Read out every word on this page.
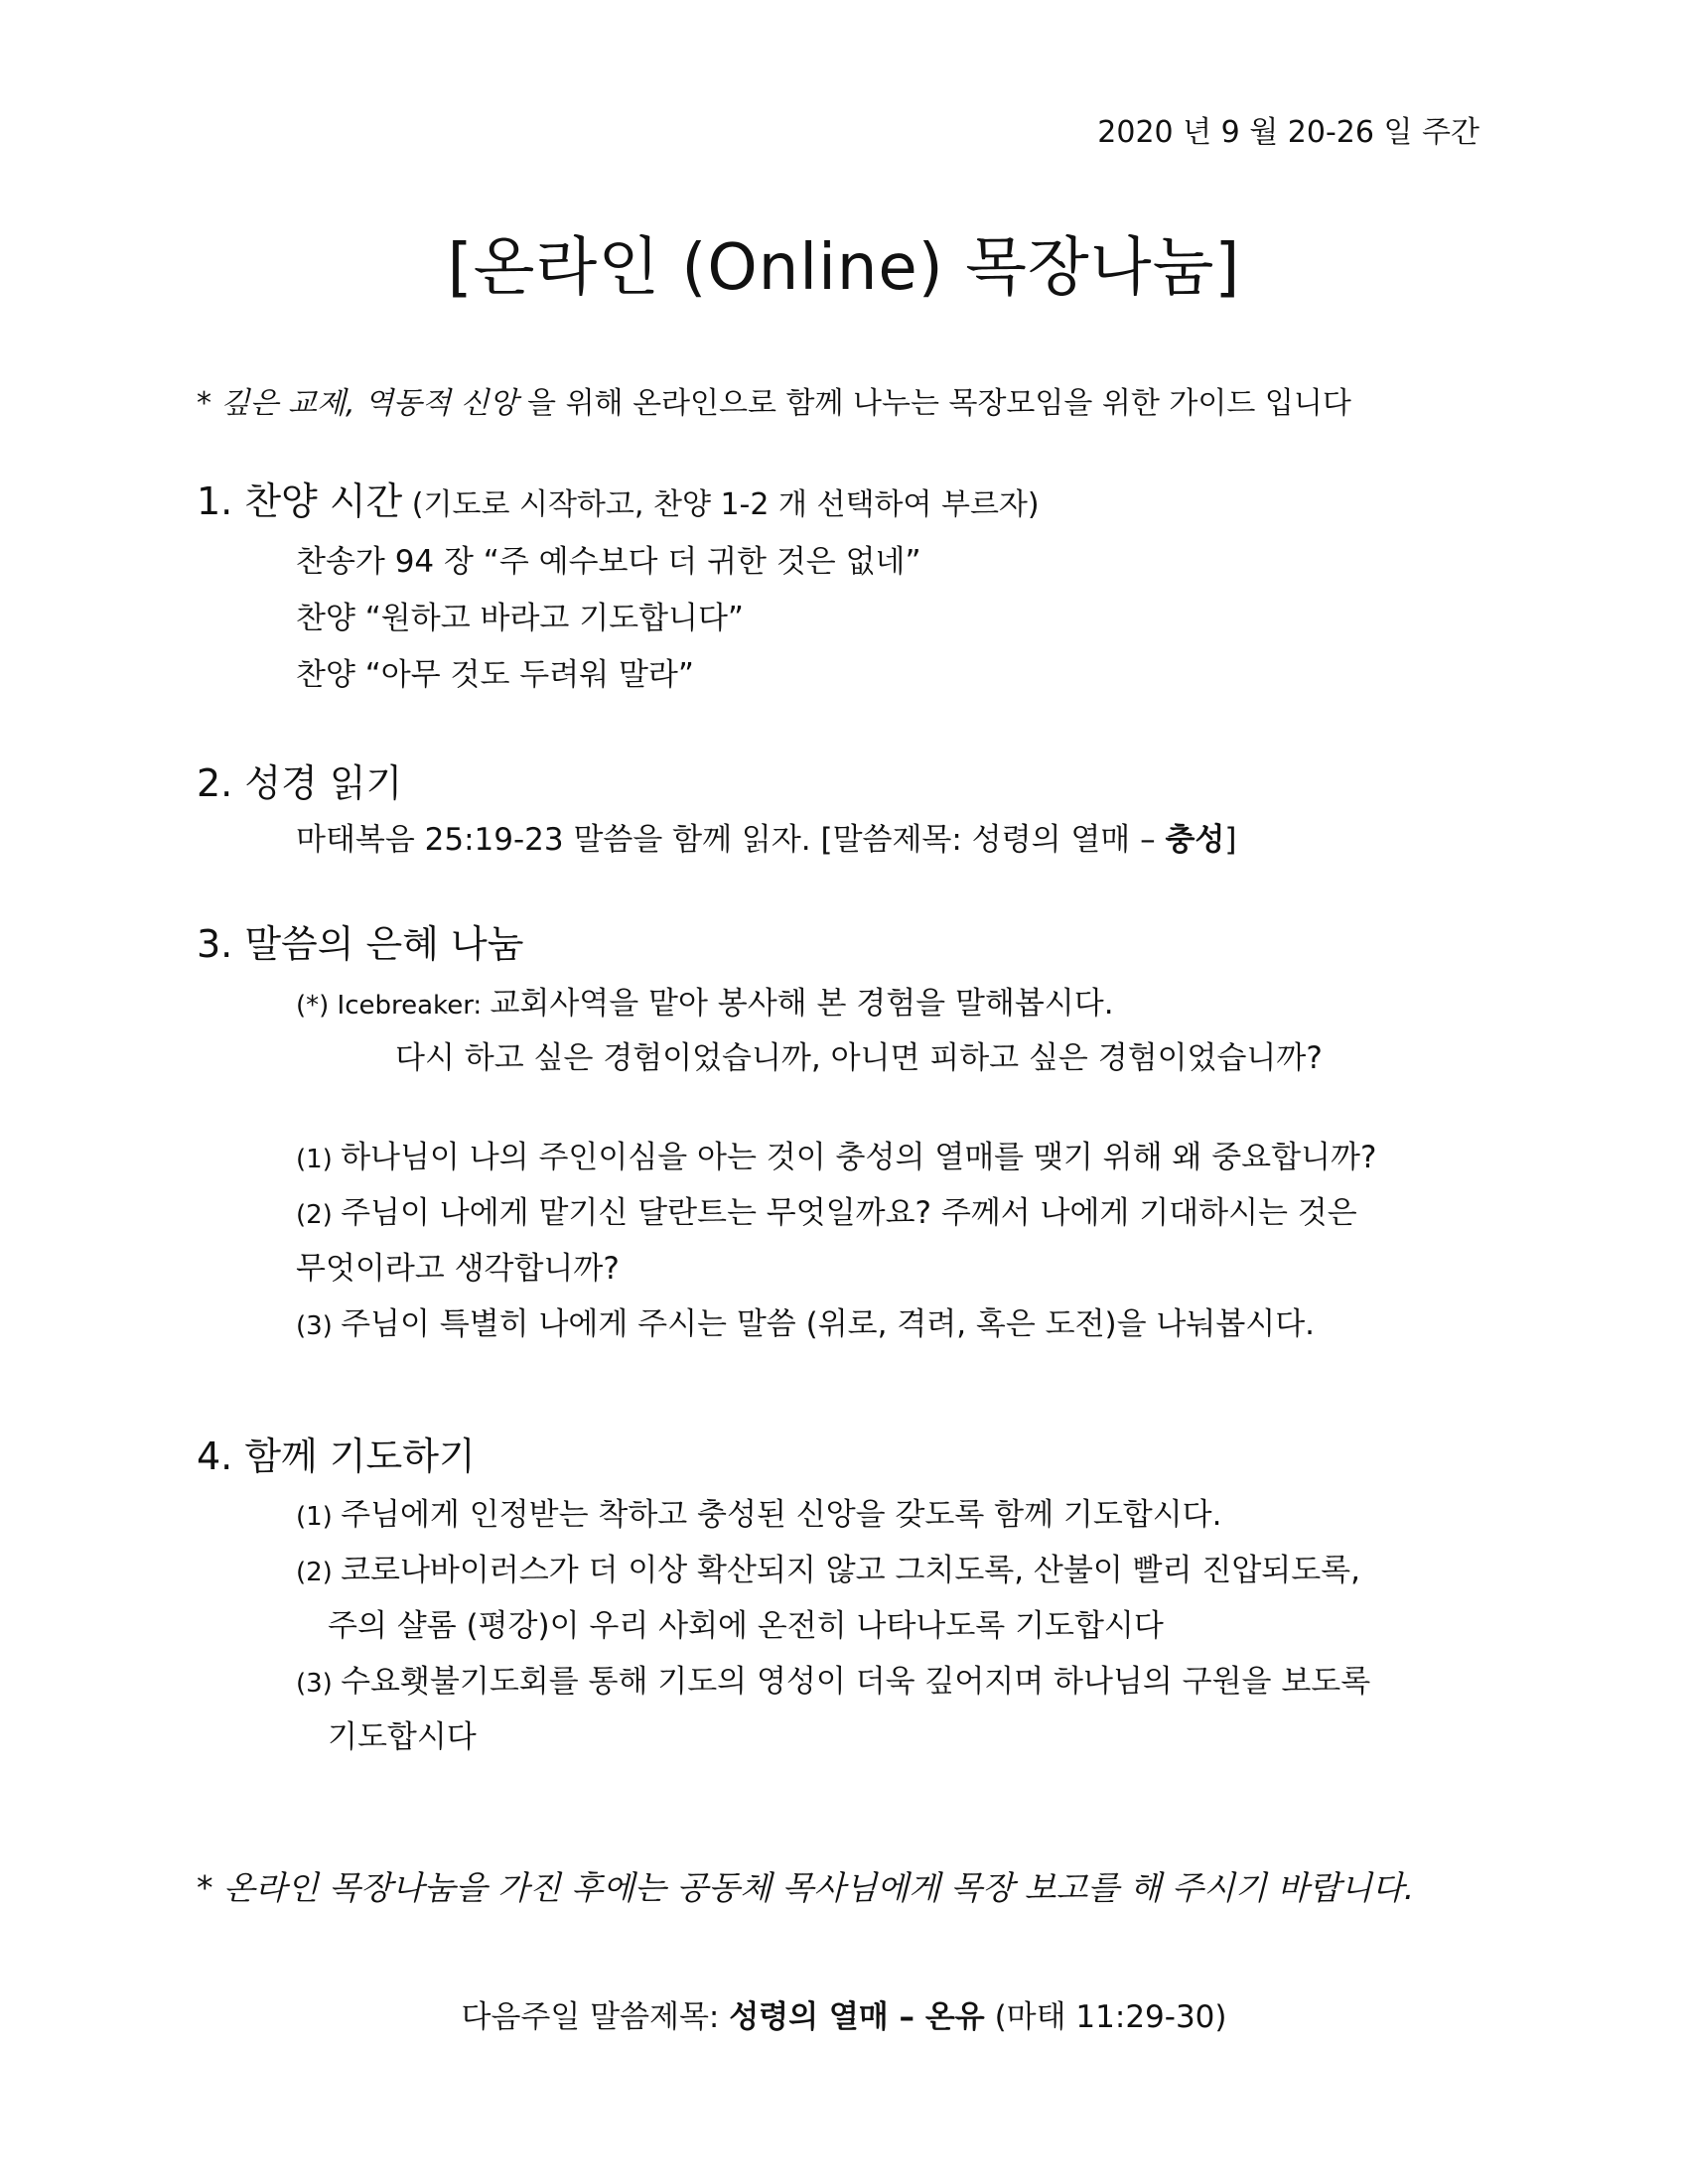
2020 년 9 월 20-26 일 주간
[온라인 (Online) 목장나눔]
* 깊은 교제, 역동적 신앙 을 위해 온라인으로 함께 나누는 목장모임을 위한 가이드 입니다
1. 찬양 시간 (기도로 시작하고, 찬양 1-2 개 선택하여 부르자)
찬송가 94 장 “주 예수보다 더 귀한 것은 없네”
찬양 “원하고 바라고 기도합니다”
찬양 “아무 것도 두려워 말라”
2. 성경 읽기
마태복음 25:19-23 말씀을 함께 읽자. [말씀제목: 성령의 열매 – 충성]
3. 말씀의 은혜 나눔
(*) Icebreaker: 교회사역을 맡아 봉사해 본 경험을 말해봅시다.
다시 하고 싶은 경험이었습니까, 아니면 피하고 싶은 경험이었습니까?
(1) 하나님이 나의 주인이심을 아는 것이 충성의 열매를 맺기 위해 왜 중요합니까?
(2) 주님이 나에게 맡기신 달란트는 무엇일까요? 주께서 나에게 기대하시는 것은
무엇이라고 생각합니까?
(3) 주님이 특별히 나에게 주시는 말씀 (위로, 격려, 혹은 도전)을 나눠봅시다.
4. 함께 기도하기
(1) 주님에게 인정받는 착하고 충성된 신앙을 갖도록 함께 기도합시다.
(2) 코로나바이러스가 더 이상 확산되지 않고 그치도록, 산불이 빨리 진압되도록,
주의 샬롬 (평강)이 우리 사회에 온전히 나타나도록 기도합시다
(3) 수요횃불기도회를 통해 기도의 영성이 더욱 깊어지며 하나님의 구원을 보도록
기도합시다
* 온라인 목장나눔을 가진 후에는 공동체 목사님에게 목장 보고를 해 주시기 바랍니다.
다음주일 말씀제목: 성령의 열매 – 온유 (마태 11:29-30)
